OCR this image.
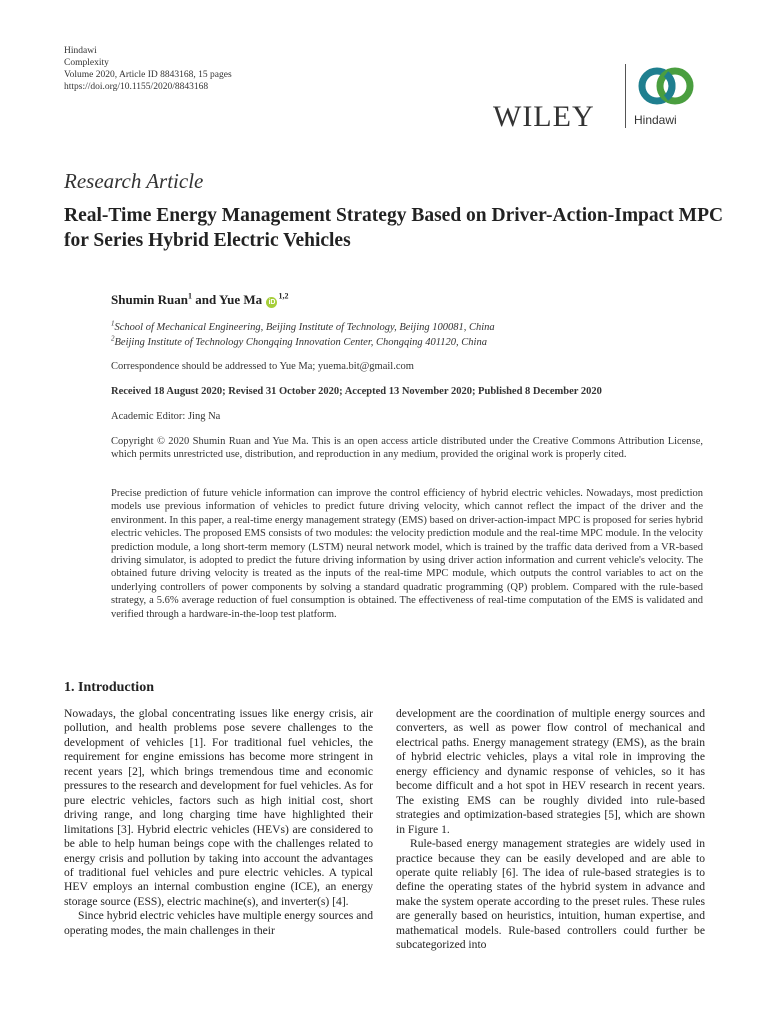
Hindawi
Complexity
Volume 2020, Article ID 8843168, 15 pages
https://doi.org/10.1155/2020/8843168
WILEY	Hindawi
Research Article
Real-Time Energy Management Strategy Based on Driver-Action-Impact MPC for Series Hybrid Electric Vehicles
Shumin Ruan$^1$ and Yue Ma iD$^{1,2}$
$^1$School of Mechanical Engineering, Beijing Institute of Technology, Beijing 100081, China
$^2$Beijing Institute of Technology Chongqing Innovation Center, Chongqing 401120, China
Correspondence should be addressed to Yue Ma; yuema.bit@gmail.com
Received 18 August 2020; Revised 31 October 2020; Accepted 13 November 2020; Published 8 December 2020
Academic Editor: Jing Na
Copyright © 2020 Shumin Ruan and Yue Ma. This is an open access article distributed under the Creative Commons Attribution License, which permits unrestricted use, distribution, and reproduction in any medium, provided the original work is properly cited.
Precise prediction of future vehicle information can improve the control efficiency of hybrid electric vehicles. Nowadays, most prediction models use previous information of vehicles to predict future driving velocity, which cannot reflect the impact of the driver and the environment. In this paper, a real-time energy management strategy (EMS) based on driver-action-impact MPC is proposed for series hybrid electric vehicles. The proposed EMS consists of two modules: the velocity prediction module and the real-time MPC module. In the velocity prediction module, a long short-term memory (LSTM) neural network model, which is trained by the traffic data derived from a VR-based driving simulator, is adopted to predict the future driving information by using driver action information and current vehicle's velocity. The obtained future driving velocity is treated as the inputs of the real-time MPC module, which outputs the control variables to act on the underlying controllers of power components by solving a standard quadratic programming (QP) problem. Compared with the rule-based strategy, a 5.6% average reduction of fuel consumption is obtained. The effectiveness of real-time computation of the EMS is validated and verified through a hardware-in-the-loop test platform.
1. Introduction

Nowadays, the global concentrating issues like energy crisis, air pollution, and health problems pose severe challenges to the development of vehicles [1]. For traditional fuel vehicles, the requirement for engine emissions has become more stringent in recent years [2], which brings tremendous time and economic pressures to the research and development for fuel vehicles. As for pure electric vehicles, factors such as high initial cost, short driving range, and long charging time have highlighted their limitations [3]. Hybrid electric vehicles (HEVs) are considered to be able to help human beings cope with the challenges related to energy crisis and pollution by taking into account the advantages of traditional fuel vehicles and pure electric vehicles. A typical HEV employs an internal combustion engine (ICE), an energy storage source (ESS), electric machine(s), and inverter(s) [4].

Since hybrid electric vehicles have multiple energy sources and operating modes, the main challenges in their

development are the coordination of multiple energy sources and converters, as well as power flow control of mechanical and electrical paths. Energy management strategy (EMS), as the brain of hybrid electric vehicles, plays a vital role in improving the energy efficiency and dynamic response of vehicles, so it has become difficult and a hot spot in HEV research in recent years. The existing EMS can be roughly divided into rule-based strategies and optimization-based strategies [5], which are shown in Figure 1.

Rule-based energy management strategies are widely used in practice because they can be easily developed and are able to operate quite reliably [6]. The idea of rule-based strategies is to define the operating states of the hybrid system in advance and make the system operate according to the preset rules. These rules are generally based on heuristics, intuition, human expertise, and mathematical models. Rule-based controllers could further be subcategorized into
